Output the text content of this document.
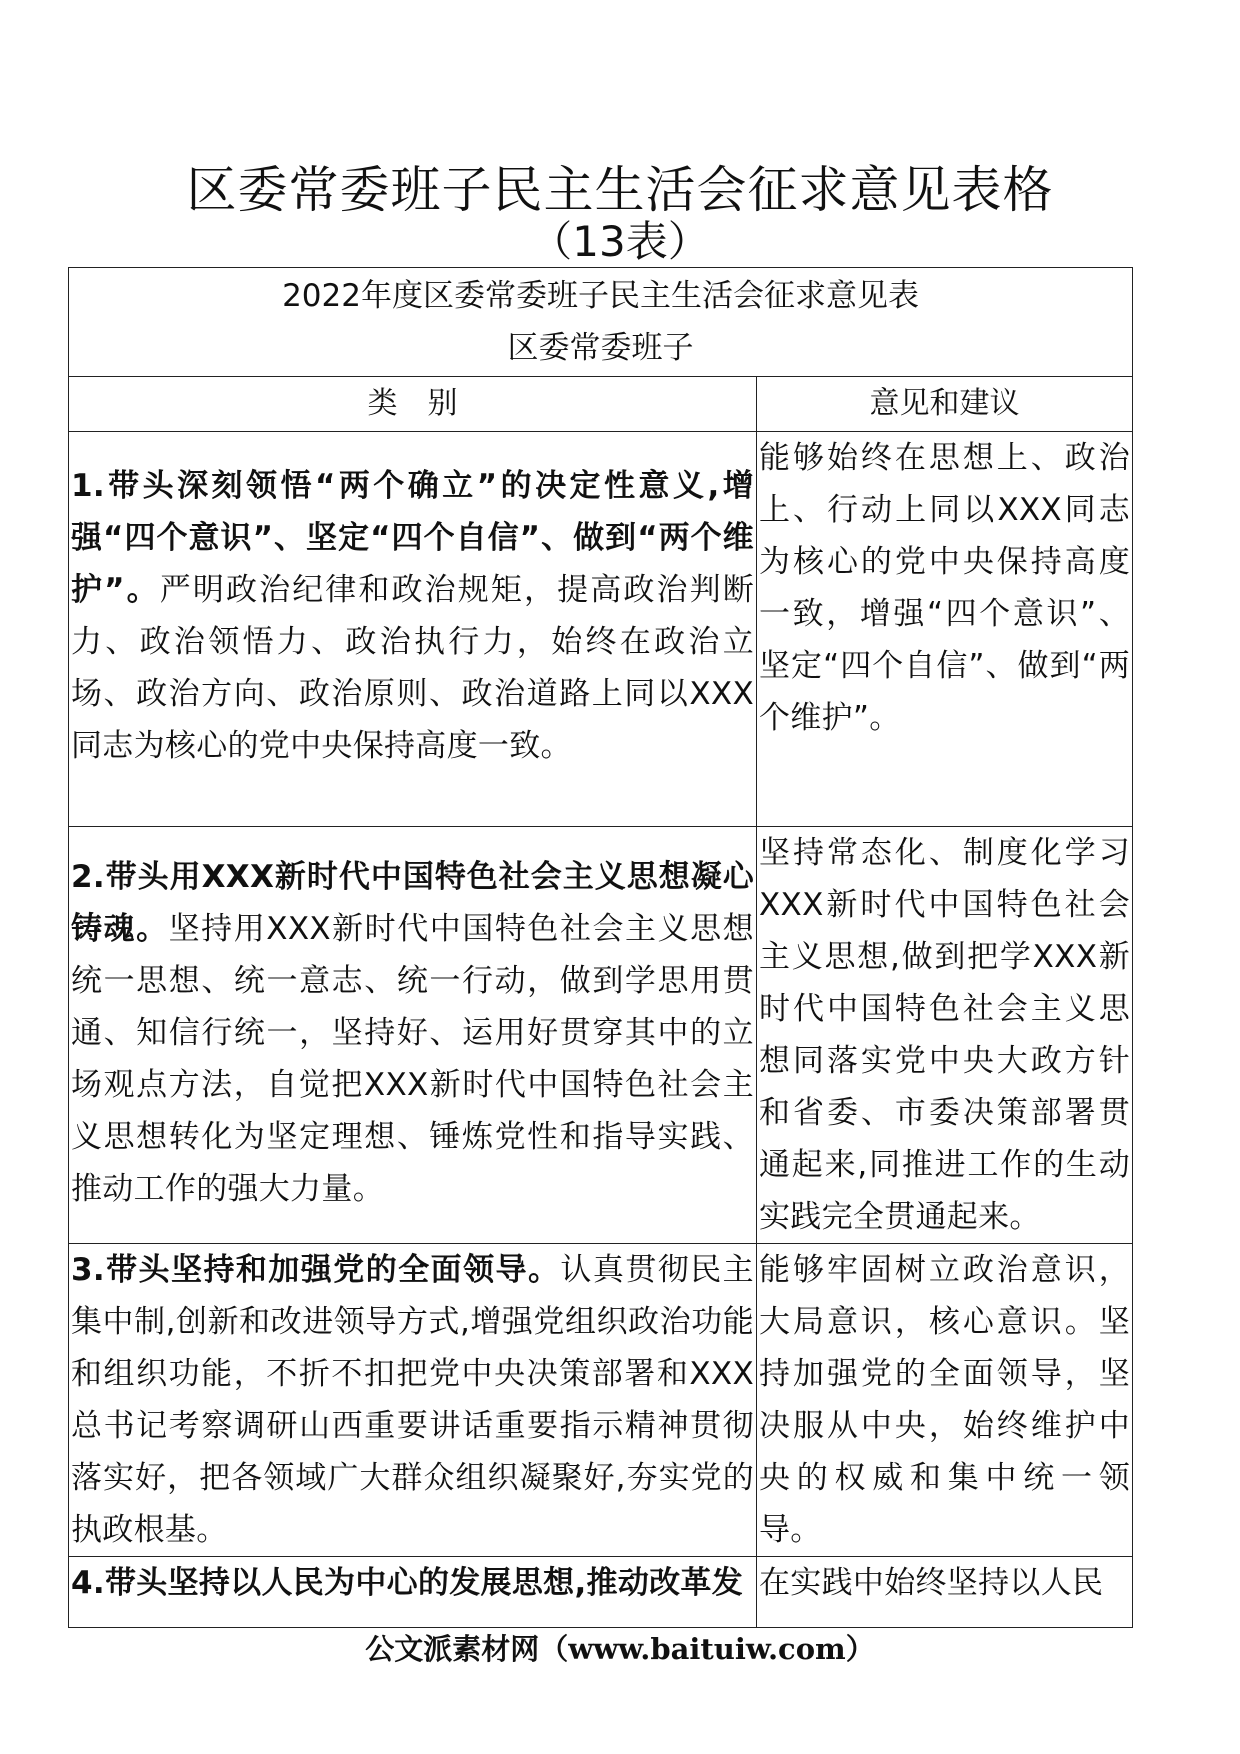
区委常委班子民主生活会征求意见表格
（13表）
2022年度区委常委班子民主生活会征求意见表
区委常委班子	

类　别	意见和建议
1.带头深刻领悟“两个确立”的决定性意义,增强“四个意识”、坚定“四个自信”、做到“两个维护”。严明政治纪律和政治规矩，提高政治判断力、政治领悟力、政治执行力，始终在政治立场、政治方向、政治原则、政治道路上同以XXX同志为核心的党中央保持高度一致。	能够始终在思想上、政治上、行动上同以XXX同志为核心的党中央保持高度一致，增强“四个意识”、坚定“四个自信”、做到“两个维护”。
2.带头用XXX新时代中国特色社会主义思想凝心铸魂。坚持用XXX新时代中国特色社会主义思想统一思想、统一意志、统一行动，做到学思用贯通、知信行统一，坚持好、运用好贯穿其中的立场观点方法，自觉把XXX新时代中国特色社会主义思想转化为坚定理想、锤炼党性和指导实践、推动工作的强大力量。	坚持常态化、制度化学习XXX新时代中国特色社会主义思想,做到把学XXX新时代中国特色社会主义思想同落实党中央大政方针和省委、市委决策部署贯通起来,同推进工作的生动实践完全贯通起来。
3.带头坚持和加强党的全面领导。认真贯彻民主集中制,创新和改进领导方式,增强党组织政治功能和组织功能，不折不扣把党中央决策部署和XXX总书记考察调研山西重要讲话重要指示精神贯彻落实好，把各领域广大群众组织凝聚好,夯实党的执政根基。	能够牢固树立政治意识，大局意识，核心意识。坚持加强党的全面领导，坚决服从中央，始终维护中央的权威和集中统一领导。
4.带头坚持以人民为中心的发展思想,推动改革发	在实践中始终坚持以人民
公文派素材网（www.baituiw.com）
